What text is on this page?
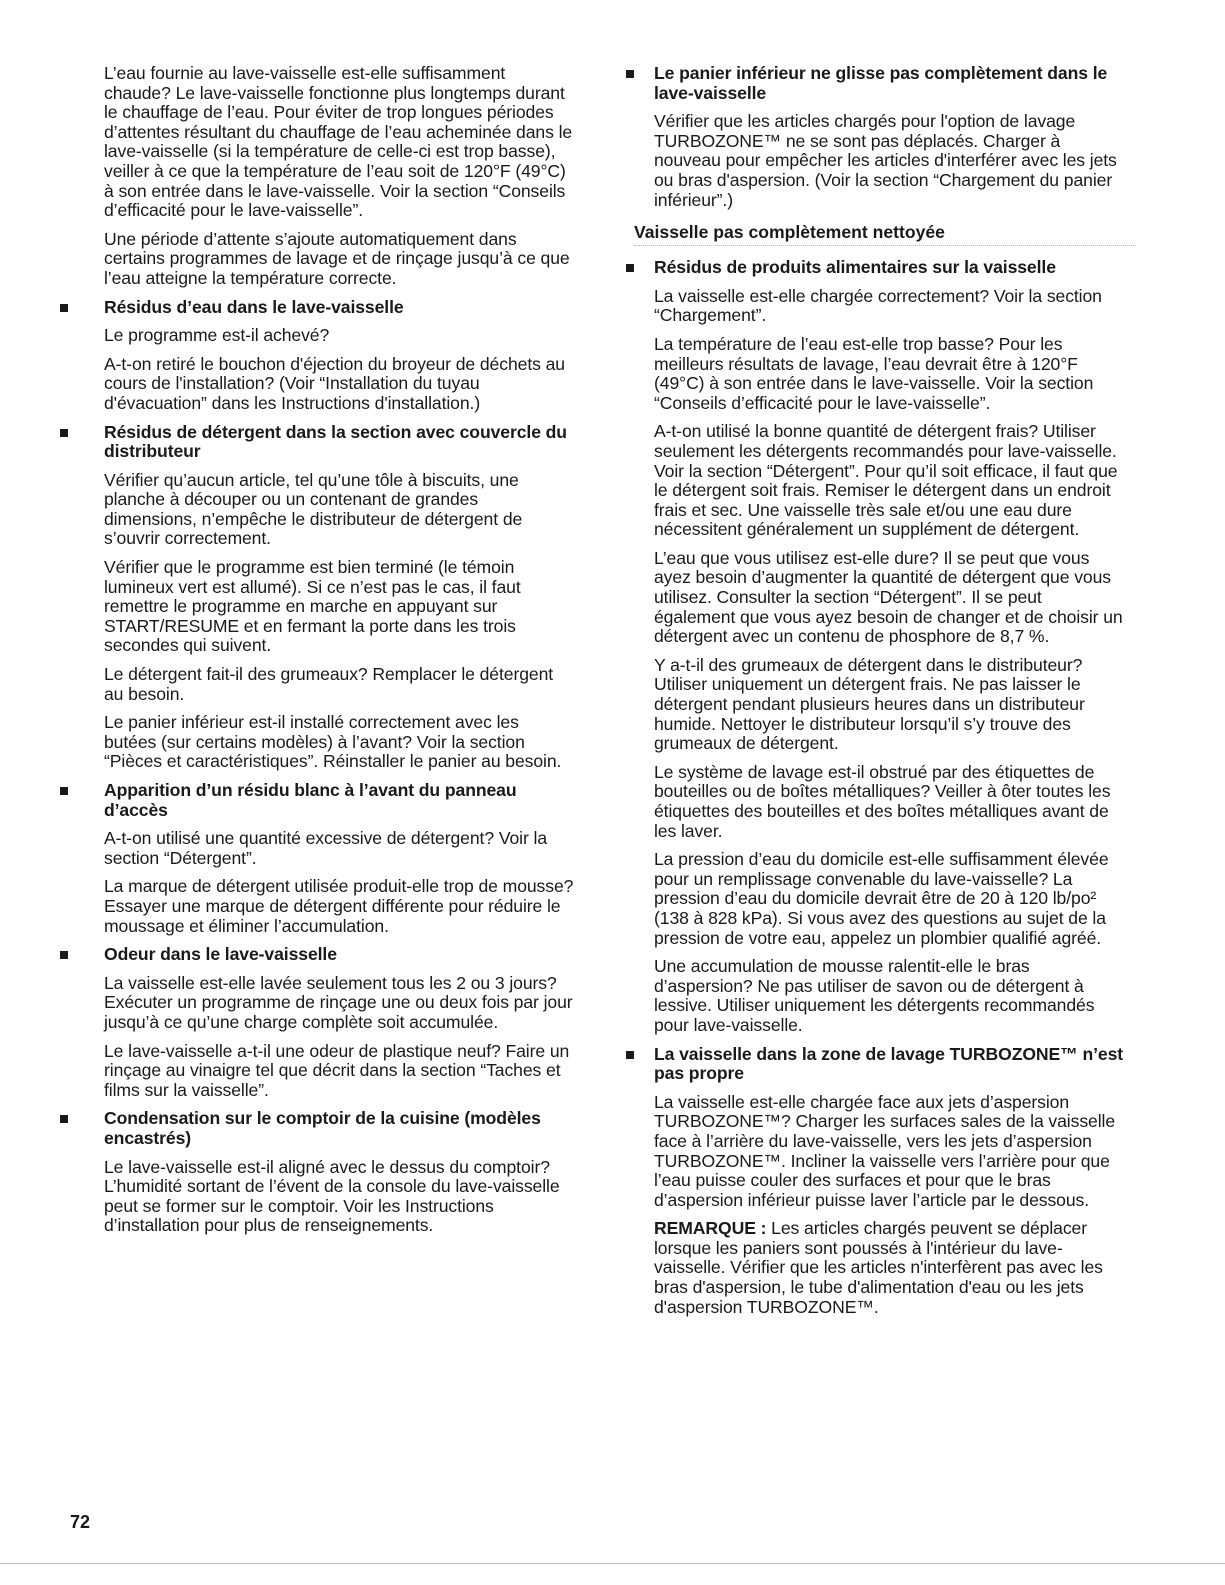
L’eau fournie au lave-vaisselle est-elle suffisamment chaude? Le lave-vaisselle fonctionne plus longtemps durant le chauffage de l’eau. Pour éviter de trop longues périodes d’attentes résultant du chauffage de l’eau acheminée dans le lave-vaisselle (si la température de celle-ci est trop basse), veiller à ce que la température de l’eau soit de 120°F (49°C) à son entrée dans le lave-vaisselle. Voir la section “Conseils d’efficacité pour le lave-vaisselle”.

Une période d’attente s’ajoute automatiquement dans certains programmes de lavage et de rinçage jusqu’à ce que l’eau atteigne la température correcte.

Résidus d’eau dans le lave-vaisselle

Le programme est-il achevé?

A-t-on retiré le bouchon d'éjection du broyeur de déchets au cours de l'installation? (Voir “Installation du tuyau d'évacuation” dans les Instructions d'installation.)

Résidus de détergent dans la section avec couvercle du distributeur

Vérifier qu’aucun article, tel qu’une tôle à biscuits, une planche à découper ou un contenant de grandes dimensions, n’empêche le distributeur de détergent de s’ouvrir correctement.

Vérifier que le programme est bien terminé (le témoin lumineux vert est allumé). Si ce n’est pas le cas, il faut remettre le programme en marche en appuyant sur START/RESUME et en fermant la porte dans les trois secondes qui suivent.

Le détergent fait-il des grumeaux? Remplacer le détergent au besoin.

Le panier inférieur est-il installé correctement avec les butées (sur certains modèles) à l’avant? Voir la section “Pièces et caractéristiques”. Réinstaller le panier au besoin.

Apparition d’un résidu blanc à l’avant du panneau d’accès

A-t-on utilisé une quantité excessive de détergent? Voir la section “Détergent”.

La marque de détergent utilisée produit-elle trop de mousse? Essayer une marque de détergent différente pour réduire le moussage et éliminer l’accumulation.

Odeur dans le lave-vaisselle

La vaisselle est-elle lavée seulement tous les 2 ou 3 jours? Exécuter un programme de rinçage une ou deux fois par jour jusqu’à ce qu’une charge complète soit accumulée.

Le lave-vaisselle a-t-il une odeur de plastique neuf? Faire un rinçage au vinaigre tel que décrit dans la section “Taches et films sur la vaisselle”.

Condensation sur le comptoir de la cuisine (modèles encastrés)

Le lave-vaisselle est-il aligné avec le dessus du comptoir? L’humidité sortant de l’évent de la console du lave-vaisselle peut se former sur le comptoir. Voir les Instructions d’installation pour plus de renseignements.

Le panier inférieur ne glisse pas complètement dans le lave-vaisselle

Vérifier que les articles chargés pour l'option de lavage TURBOZONE™ ne se sont pas déplacés. Charger à nouveau pour empêcher les articles d'interférer avec les jets ou bras d'aspersion. (Voir la section “Chargement du panier inférieur”.)

Vaisselle pas complètement nettoyée
Résidus de produits alimentaires sur la vaisselle

La vaisselle est-elle chargée correctement? Voir la section “Chargement”.

La température de l’eau est-elle trop basse? Pour les meilleurs résultats de lavage, l’eau devrait être à 120°F (49°C) à son entrée dans le lave-vaisselle. Voir la section “Conseils d’efficacité pour le lave-vaisselle”.

A-t-on utilisé la bonne quantité de détergent frais? Utiliser seulement les détergents recommandés pour lave-vaisselle. Voir la section “Détergent”. Pour qu’il soit efficace, il faut que le détergent soit frais. Remiser le détergent dans un endroit frais et sec. Une vaisselle très sale et/ou une eau dure nécessitent généralement un supplément de détergent.

L’eau que vous utilisez est-elle dure? Il se peut que vous ayez besoin d’augmenter la quantité de détergent que vous utilisez. Consulter la section “Détergent”. Il se peut également que vous ayez besoin de changer et de choisir un détergent avec un contenu de phosphore de 8,7 %.

Y a-t-il des grumeaux de détergent dans le distributeur? Utiliser uniquement un détergent frais. Ne pas laisser le détergent pendant plusieurs heures dans un distributeur humide. Nettoyer le distributeur lorsqu’il s’y trouve des grumeaux de détergent.

Le système de lavage est-il obstrué par des étiquettes de bouteilles ou de boîtes métalliques? Veiller à ôter toutes les étiquettes des bouteilles et des boîtes métalliques avant de les laver.

La pression d’eau du domicile est-elle suffisamment élevée pour un remplissage convenable du lave-vaisselle? La pression d’eau du domicile devrait être de 20 à 120 lb/po² (138 à 828 kPa). Si vous avez des questions au sujet de la pression de votre eau, appelez un plombier qualifié agréé.

Une accumulation de mousse ralentit-elle le bras d’aspersion? Ne pas utiliser de savon ou de détergent à lessive. Utiliser uniquement les détergents recommandés pour lave-vaisselle.

La vaisselle dans la zone de lavage TURBOZONE™ n’est pas propre

La vaisselle est-elle chargée face aux jets d’aspersion TURBOZONE™? Charger les surfaces sales de la vaisselle face à l’arrière du lave-vaisselle, vers les jets d’aspersion TURBOZONE™. Incliner la vaisselle vers l’arrière pour que l’eau puisse couler des surfaces et pour que le bras d’aspersion inférieur puisse laver l’article par le dessous.

REMARQUE : Les articles chargés peuvent se déplacer lorsque les paniers sont poussés à l'intérieur du lave-vaisselle. Vérifier que les articles n'interfèrent pas avec les bras d'aspersion, le tube d'alimentation d'eau ou les jets d'aspersion TURBOZONE™.

72
